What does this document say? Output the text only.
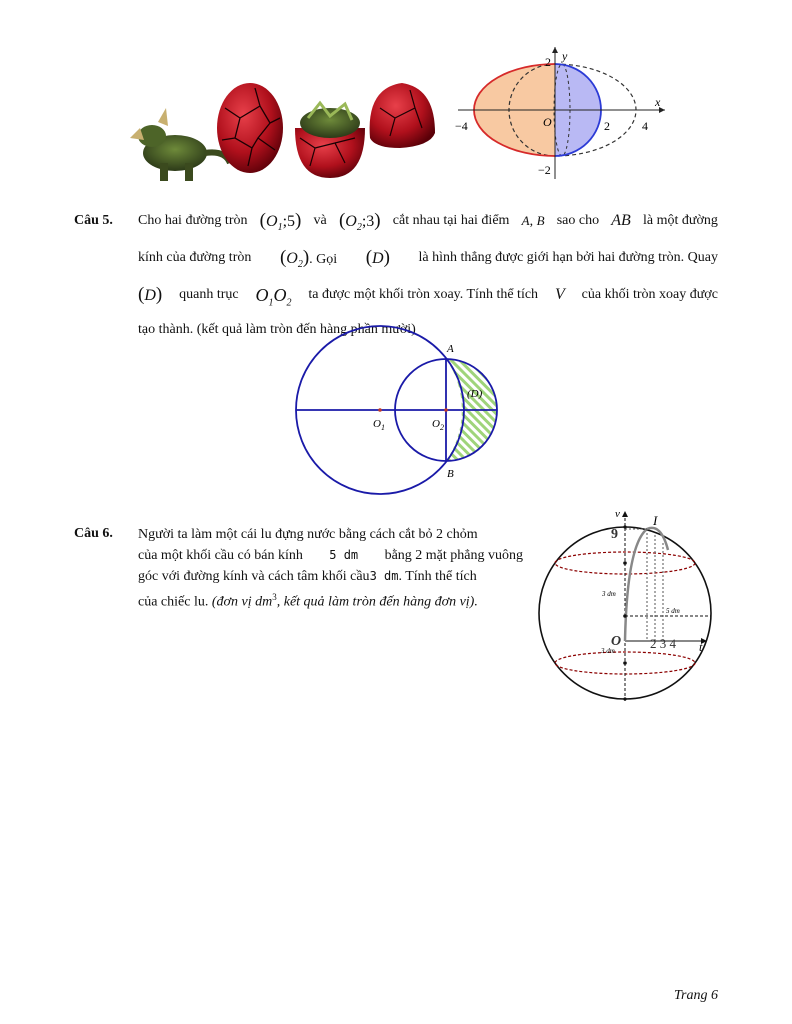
y
x
2
−2
−4	2	4
O
Câu 5. Cho hai đường tròn $(O_1;5)$ và $(O_2;3)$ cắt nhau tại hai điểm A, B sao cho AB là một đường
kính của đường tròn $(O_2)$. Gọi (D) là hình thẳng được giới hạn bởi hai đường tròn. Quay
(D) quanh trục $O_1O_2$
ta được một khối tròn xoay. Tính thể tích V của khối tròn xoay được
tạo thành. (kết quả làm tròn đến hàng phần mười)
A
B
(D)
$O_1$	$O_2$
Câu 6. Người ta làm một cái lu đựng nước bằng cách cắt bỏ 2 chỏm
của một khối cầu có bán kính 5 dm bằng 2 mặt phẳng vuông
góc với đường kính và cách tâm khối cầu3 dm. Tính thể tích
của chiếc lu. (đơn vị $dm^3$, kết quả làm tròn đến hàng đơn vị).
v
9
I
O	t
3 dm
5 dm
3 dm	2 3 4
Trang 6
